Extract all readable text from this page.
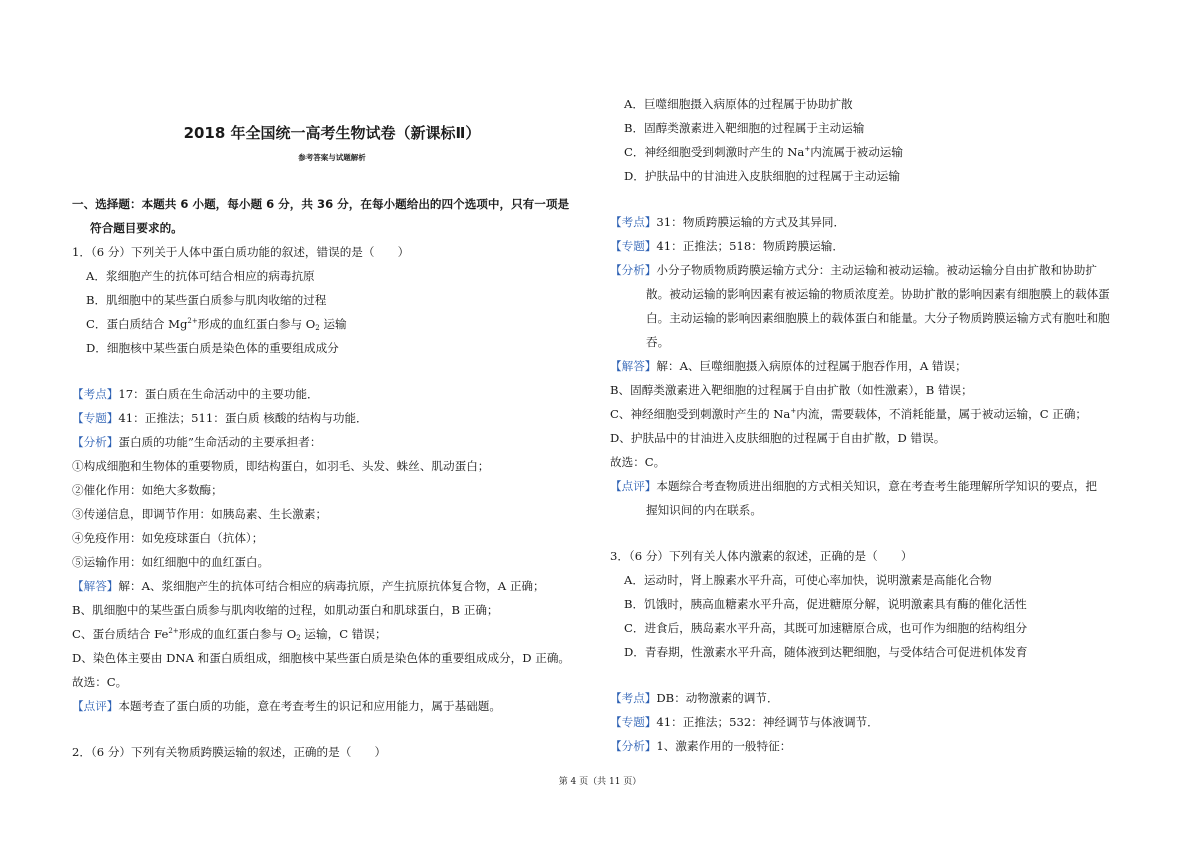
2018 年全国统一高考生物试卷（新课标Ⅱ）
参考答案与试题解析
一、选择题：本题共 6 小题，每小题 6 分，共 36 分，在每小题给出的四个选项中，只有一项是
符合题目要求的。
1．（6 分）下列关于人体中蛋白质功能的叙述，错误的是（　　）
A．浆细胞产生的抗体可结合相应的病毒抗原
B．肌细胞中的某些蛋白质参与肌肉收缩的过程
C．蛋白质结合 $Mg^{2+}$形成的血红蛋白参与 $O_2$ 运输
D．细胞核中某些蛋白质是染色体的重要组成成分
【考点】17：蛋白质在生命活动中的主要功能．
【专题】41：正推法；511：蛋白质 核酸的结构与功能．
【分析】蛋白质的功能”生命活动的主要承担者：
①构成细胞和生物体的重要物质，即结构蛋白，如羽毛、头发、蛛丝、肌动蛋白；
②催化作用：如绝大多数酶；
③传递信息，即调节作用：如胰岛素、生长激素；
④免疫作用：如免疫球蛋白（抗体）；
⑤运输作用：如红细胞中的血红蛋白。
【解答】解：A、浆细胞产生的抗体可结合相应的病毒抗原，产生抗原抗体复合物，A 正确；
B、肌细胞中的某些蛋白质参与肌肉收缩的过程，如肌动蛋白和肌球蛋白，B 正确；
C、蛋台质结合 $Fe^{2+}$形成的血红蛋白参与 $O_2$ 运输，C 错误；
D、染色体主要由 DNA 和蛋白质组成，细胞核中某些蛋白质是染色体的重要组成成分，D 正确。
故选：C。
【点评】本题考查了蛋白质的功能，意在考查考生的识记和应用能力，属于基础题。
2．（6 分）下列有关物质跨膜运输的叙述，正确的是（　　）
A．巨噬细胞摄入病原体的过程属于协助扩散
B．固醇类激素进入靶细胞的过程属于主动运输
C．神经细胞受到刺激时产生的 Na+内流属于被动运输
D．护肤品中的甘油进入皮肤细胞的过程属于主动运输
【考点】31：物质跨膜运输的方式及其异同．
【专题】41：正推法；518：物质跨膜运输．
【分析】小分子物质物质跨膜运输方式分：主动运输和被动运输。被动运输分自由扩散和协助扩
散。被动运输的影响因素有被运输的物质浓度差。协助扩散的影响因素有细胞膜上的载体蛋
白。主动运输的影响因素细胞膜上的载体蛋白和能量。大分子物质跨膜运输方式有胞吐和胞
吞。
【解答】解：A、巨噬细胞摄入病原体的过程属于胞吞作用，A 错误；
B、固醇类激素进入靶细胞的过程属于自由扩散（如性激素），B 错误；
C、神经细胞受到刺激时产生的 Na+内流，需要载体，不消耗能量，属于被动运输，C 正确；
D、护肤品中的甘油进入皮肤细胞的过程属于自由扩散，D 错误。
故选：C。
【点评】本题综合考查物质进出细胞的方式相关知识，意在考查考生能理解所学知识的要点，把
握知识间的内在联系。
3．（6 分）下列有关人体内激素的叙述，正确的是（　　）
A．运动时，肾上腺素水平升高，可使心率加快，说明激素是高能化合物
B．饥饿时，胰高血糖素水平升高，促进糖原分解，说明激素具有酶的催化活性
C．进食后，胰岛素水平升高，其既可加速糖原合成，也可作为细胞的结构组分
D．青春期，性激素水平升高，随体液到达靶细胞，与受体结合可促进机体发育
【考点】DB：动物激素的调节．
【专题】41：正推法；532：神经调节与体液调节．
【分析】1、激素作用的一般特征：
第 4 页（共 11 页）
